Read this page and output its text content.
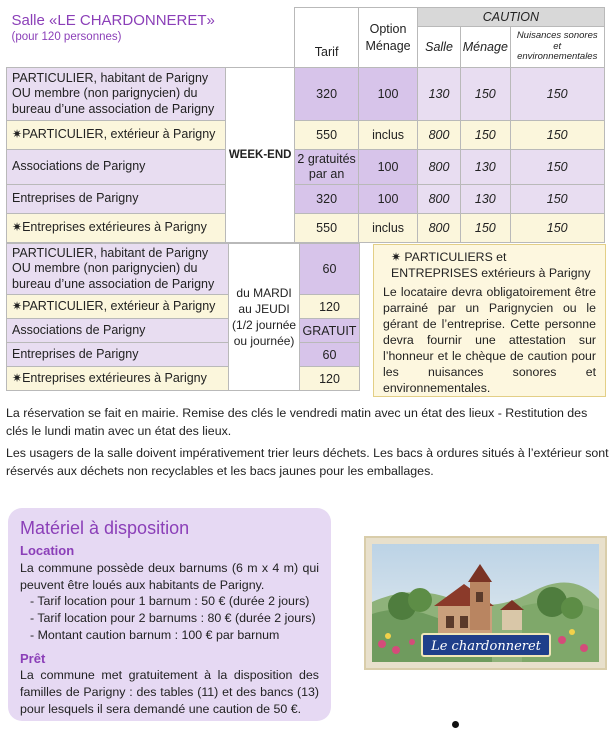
Salle «LE CHARDONNERET»
(pour 120 personnes)		Tarif	Option Ménage	CAUTION			
				Salle	Ménage	Nuisances sonores et environnementales	
PARTICULIER, habitant de Parigny OU membre (non parignycien) du bureau d’une association de Parigny	WEEK-END	320	100	130	150	150	
✷PARTICULIER, extérieur à Parigny		550	inclus	800	150	150	
Associations de Parigny		2 gratuités par an	100	800	130	150	
Entreprises de Parigny		320	100	800	130	150	
✷Entreprises extérieures à Parigny		550	inclus	800	150	150	
PARTICULIER, habitant de Parigny OU membre (non parignycien) du bureau d’une association de Parigny	du MARDI au JEUDI (1/2 journée ou journée)	60
✷PARTICULIER, extérieur à Parigny		120
Associations de Parigny		GRATUIT
Entreprises de Parigny		60
✷Entreprises extérieures à Parigny		120
✷ PARTICULIERS et ENTREPRISES extérieurs à Parigny
Le locataire devra obligatoirement être parrainé par un Parignycien ou le gérant de l’entreprise. Cette personne devra fournir une attestation sur l’honneur et le chèque de caution pour les nuisances sonores et environnementales.
La réservation se fait en mairie. Remise des clés le vendredi matin avec un état des lieux - Restitution des clés le lundi matin avec un état des lieux.
Les usagers de la salle doivent impérativement trier leurs déchets. Les bacs à ordures situés à l’extérieur sont réservés aux déchets non recyclables et les bacs jaunes pour les emballages.
Matériel à disposition
Location
La commune possède deux barnums (6 m x 4 m) qui peuvent être loués aux habitants de Parigny.
- Tarif location pour 1 barnum : 50 € (durée 2 jours)
- Tarif location pour 2 barnums : 80 € (durée 2 jours)
- Montant caution barnum : 100 € par barnum
Prêt
La commune met gratuitement à la disposition des familles de Parigny : des tables (11) et des bancs (13) pour lesquels il sera demandé une caution de 50 €.
Le chardonneret
